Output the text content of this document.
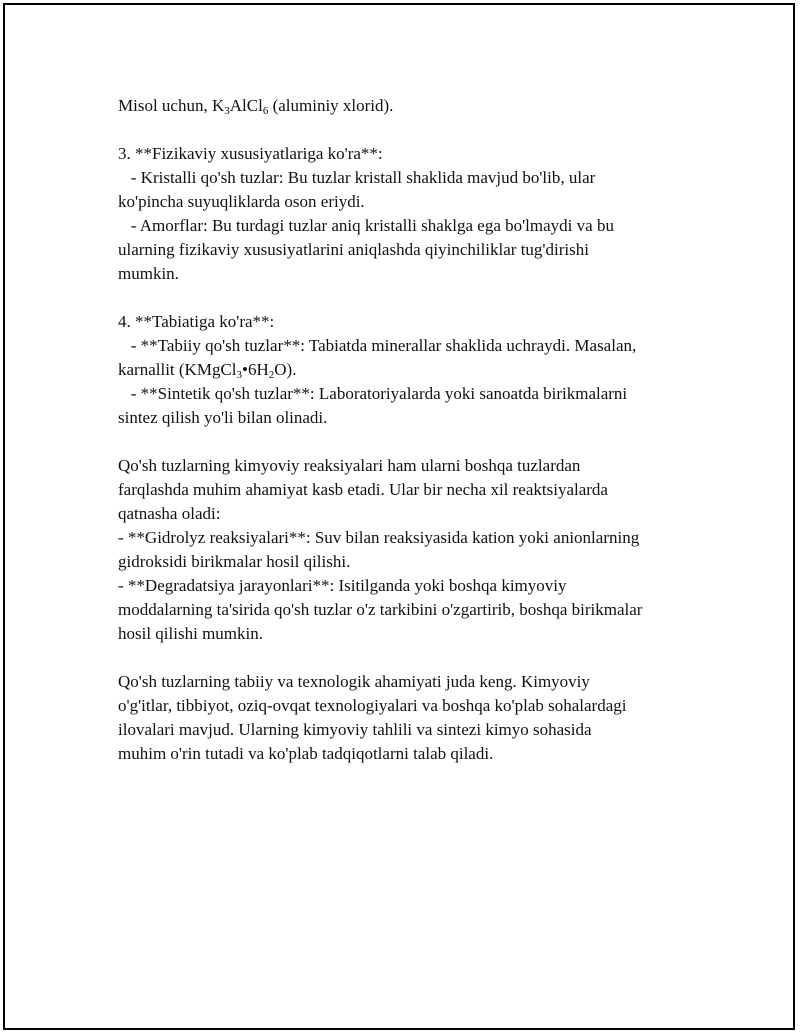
Misol uchun, $K_3AlCl_6$ (aluminiy xlorid).
3. **Fizikaviy xususiyatlariga ko'ra**:
- Kristalli qo'sh tuzlar: Bu tuzlar kristall shaklida mavjud bo'lib, ular
ko'pincha suyuqliklarda oson eriydi.
- Amorflar: Bu turdagi tuzlar aniq kristalli shaklga ega bo'lmaydi va bu
ularning fizikaviy xususiyatlarini aniqlashda qiyinchiliklar tug'dirishi
mumkin.
4. **Tabiatiga ko'ra**:
- **Tabiiy qo'sh tuzlar**: Tabiatda minerallar shaklida uchraydi. Masalan,
karnallit $(KMgCl_3•6H_2O)$.
- **Sintetik qo'sh tuzlar**: Laboratoriyalarda yoki sanoatda birikmalarni
sintez qilish yo'li bilan olinadi.
Qo'sh tuzlarning kimyoviy reaksiyalari ham ularni boshqa tuzlardan
farqlashda muhim ahamiyat kasb etadi. Ular bir necha xil reaktsiyalarda
qatnasha oladi:
- **Gidrolyz reaksiyalari**: Suv bilan reaksiyasida kation yoki anionlarning
gidroksidi birikmalar hosil qilishi.
- **Degradatsiya jarayonlari**: Isitilganda yoki boshqa kimyoviy
moddalarning ta'sirida qo'sh tuzlar o'z tarkibini o'zgartirib, boshqa birikmalar
hosil qilishi mumkin.
Qo'sh tuzlarning tabiiy va texnologik ahamiyati juda keng. Kimyoviy
o'g'itlar, tibbiyot, oziq-ovqat texnologiyalari va boshqa ko'plab sohalardagi
ilovalari mavjud. Ularning kimyoviy tahlili va sintezi kimyo sohasida
muhim o'rin tutadi va ko'plab tadqiqotlarni talab qiladi.
